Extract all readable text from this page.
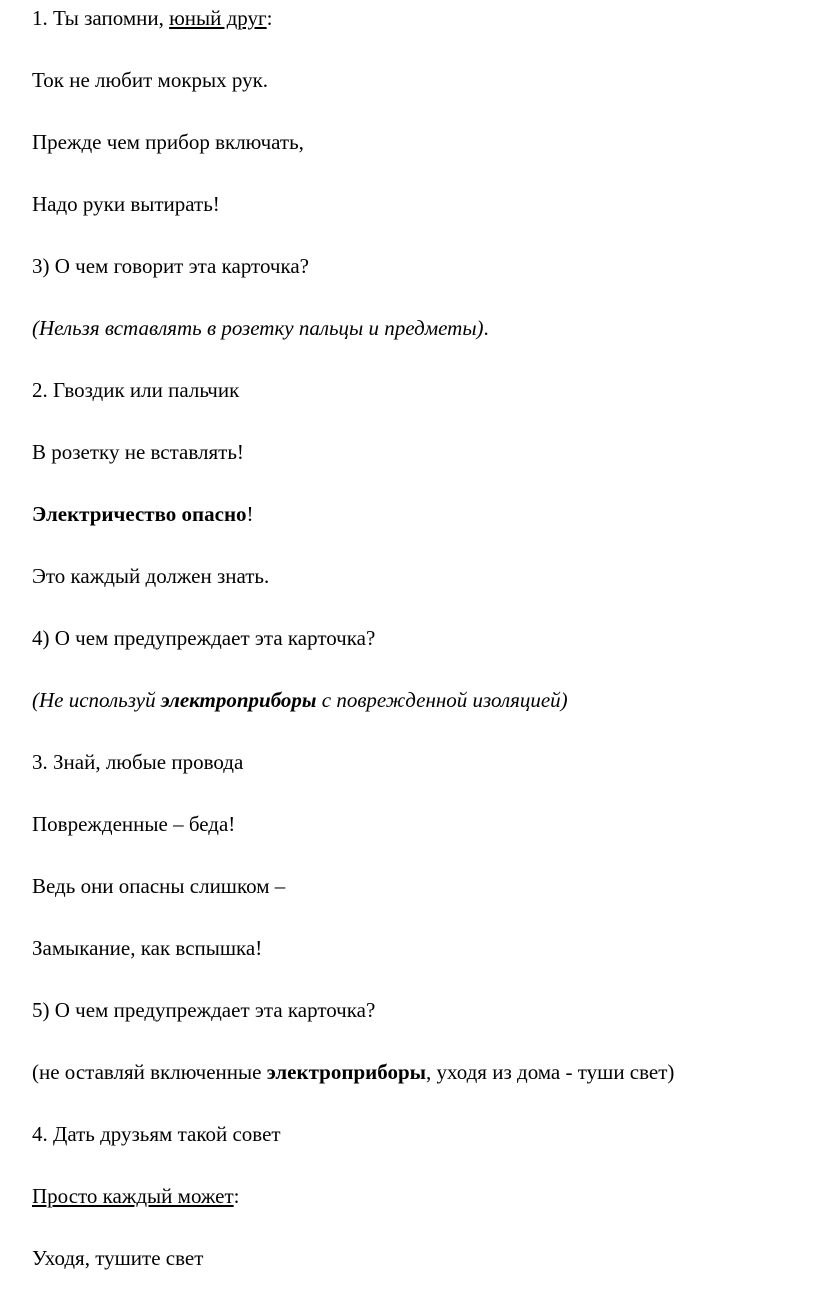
1. Ты запомни, юный друг:
Ток не любит мокрых рук.
Прежде чем прибор включать,
Надо руки вытирать!
3) О чем говорит эта карточка?
(Нельзя вставлять в розетку пальцы и предметы).
2. Гвоздик или пальчик
В розетку не вставлять!
Электричество опасно!
Это каждый должен знать.
4) О чем предупреждает эта карточка?
(Не используй электроприборы с поврежденной изоляцией)
3. Знай, любые провода
Поврежденные – беда!
Ведь они опасны слишком –
Замыкание, как вспышка!
5) О чем предупреждает эта карточка?
(не оставляй включенные электроприборы, уходя из дома - туши свет)
4. Дать друзьям такой совет
Просто каждый может:
Уходя, тушите свет
